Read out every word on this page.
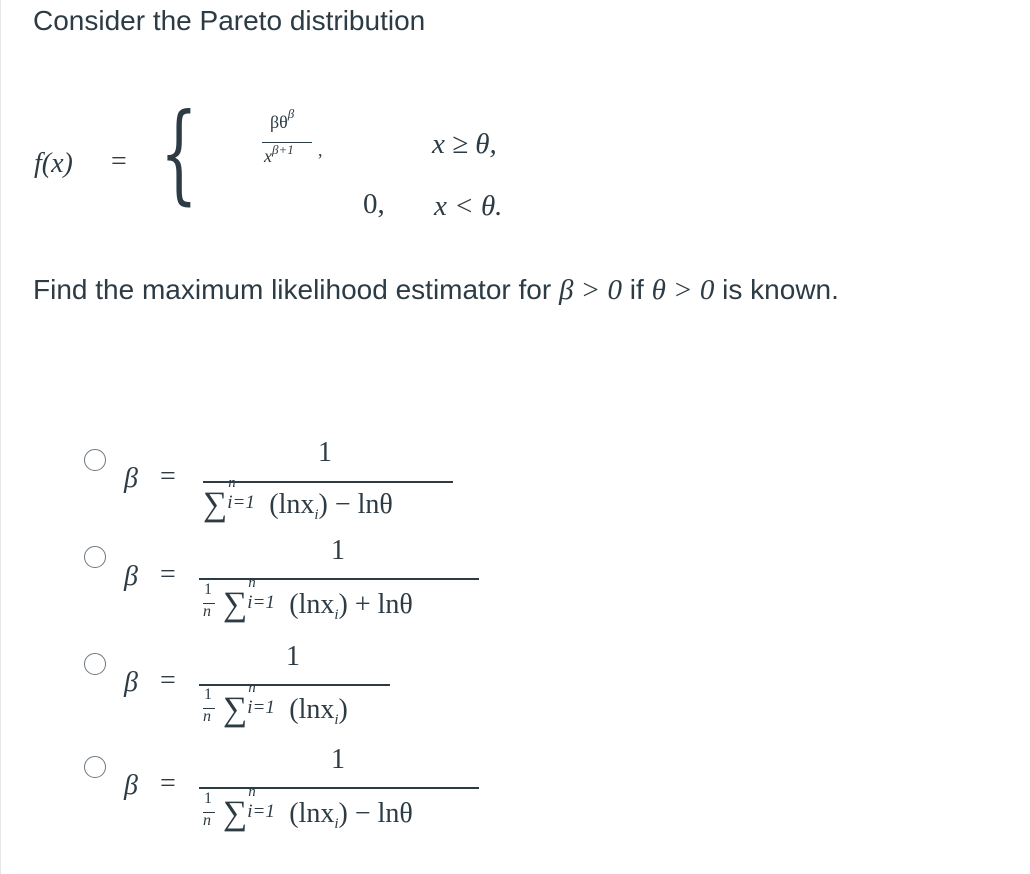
Consider the Pareto distribution
f(x) = {	$\beta\theta^\beta$
$x^{\beta+1}$ ,	x ≥ θ,
0, x < θ.
Find the maximum likelihood estimator for β > 0 if θ > 0 is known.
β =
1
∑
n
i=1 (lnx$_i$) − lnθ
β =
1
$\frac{1}{n}$ ∑
n
i=1 (lnx$_i$) + lnθ
β =
1
$\frac{1}{n}$ ∑
n
i=1 (lnx$_i$)
β =
1
$\frac{1}{n}$ ∑
n
i=1 (lnx$_i$) − lnθ
